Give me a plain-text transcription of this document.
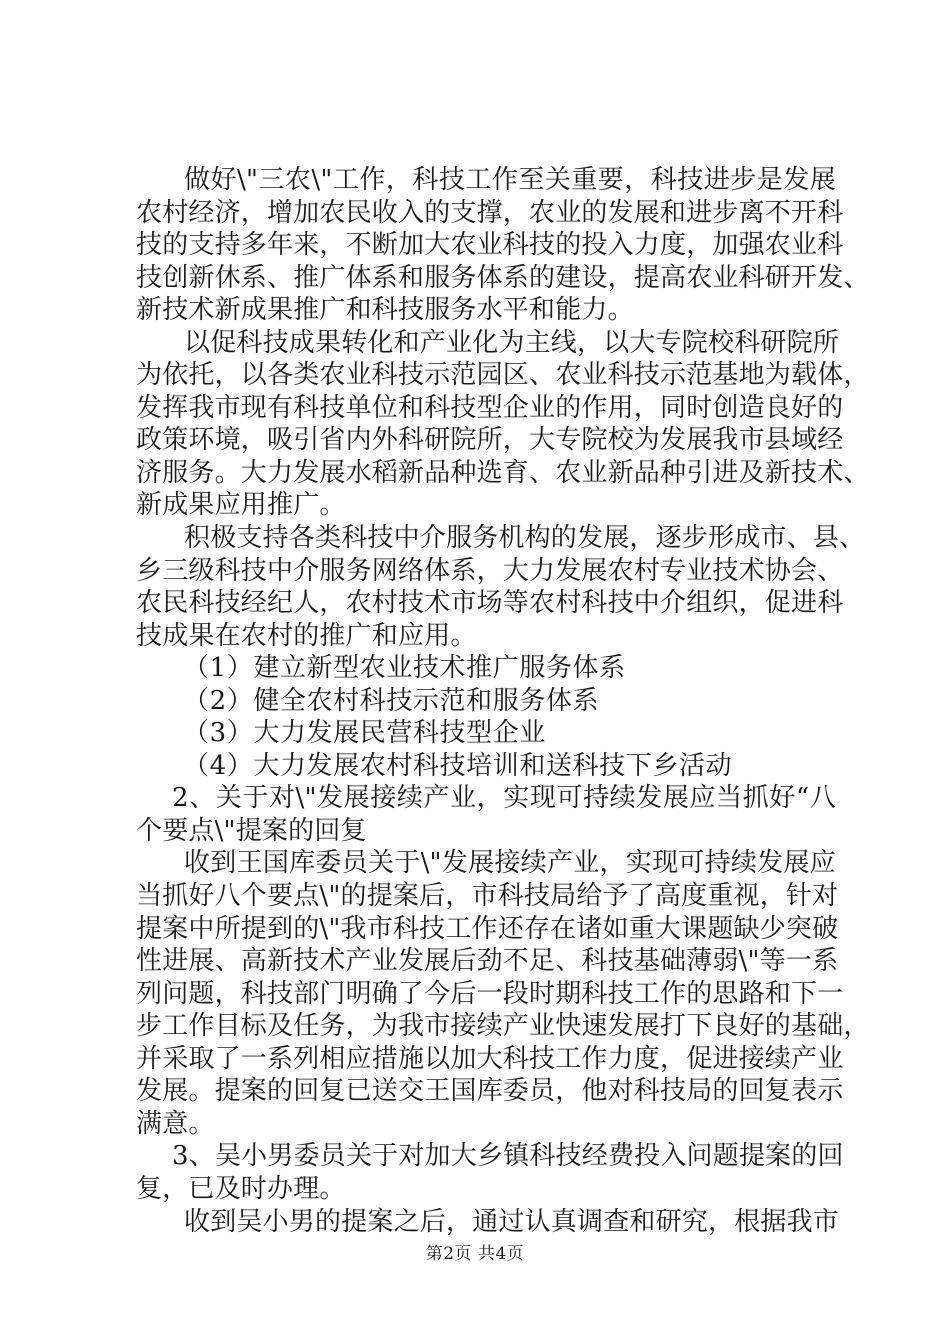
做好\"三农\"工作，科技工作至关重要，科技进步是发展
农村经济，增加农民收入的支撑，农业的发展和进步离不开科
技的支持多年来，不断加大农业科技的投入力度，加强农业科
技创新休系、推广体系和服务体系的建设，提高农业科研开发、
新技术新成果推广和科技服务水平和能力。
以促科技成果转化和产业化为主线，以大专院校科研院所
为依托，以各类农业科技示范园区、农业科技示范基地为载体，
发挥我市现有科技单位和科技型企业的作用，同时创造良好的
政策环境，吸引省内外科研院所，大专院校为发展我市县域经
济服务。大力发展水稻新品种选育、农业新品种引进及新技术、
新成果应用推广。
积极支持各类科技中介服务机构的发展，逐步形成市、县、
乡三级科技中介服务网络体系，大力发展农村专业技术协会、
农民科技经纪人，农村技术市场等农村科技中介组织，促进科
技成果在农村的推广和应用。
（1）建立新型农业技术推广服务体系
（2）健全农村科技示范和服务体系
（3）大力发展民营科技型企业
（4）大力发展农村科技培训和送科技下乡活动
2、关于对\"发展接续产业，实现可持续发展应当抓好“八
个要点\"提案的回复
收到王国库委员关于\"发展接续产业，实现可持续发展应
当抓好八个要点\"的提案后，市科技局给予了高度重视，针对
提案中所提到的\"我市科技工作还存在诸如重大课题缺少突破
性进展、高新技术产业发展后劲不足、科技基础薄弱\"等一系
列问题，科技部门明确了今后一段时期科技工作的思路和下一
步工作目标及任务，为我市接续产业快速发展打下良好的基础，
并采取了一系列相应措施以加大科技工作力度，促进接续产业
发展。提案的回复已送交王国库委员，他对科技局的回复表示
满意。
3、吴小男委员关于对加大乡镇科技经费投入问题提案的回
复，已及时办理。
收到吴小男的提案之后，通过认真调查和研究，根据我市
第2页 共4页
